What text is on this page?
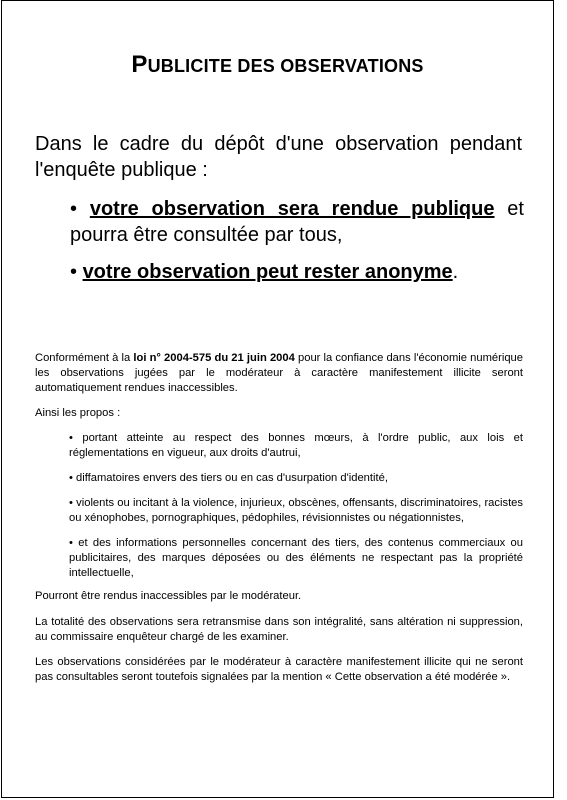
PUBLICITE DES OBSERVATIONS

Dans le cadre du dépôt d'une observation pendant l'enquête publique :

• votre observation sera rendue publique et pourra être consultée par tous,

• votre observation peut rester anonyme.

Conformément à la loi n° 2004-575 du 21 juin 2004 pour la confiance dans l'économie numérique les observations jugées par le modérateur à caractère manifestement illicite seront automatiquement rendues inaccessibles.

Ainsi les propos :

• portant atteinte au respect des bonnes mœurs, à l'ordre public, aux lois et réglementations en vigueur, aux droits d'autrui,

• diffamatoires envers des tiers ou en cas d'usurpation d'identité,

• violents ou incitant à la violence, injurieux, obscènes, offensants, discriminatoires, racistes ou xénophobes, pornographiques, pédophiles, révisionnistes ou négationnistes,

• et des informations personnelles concernant des tiers, des contenus commerciaux ou publicitaires, des marques déposées ou des éléments ne respectant pas la propriété intellectuelle,

Pourront être rendus inaccessibles par le modérateur.

La totalité des observations sera retransmise dans son intégralité, sans altération ni suppression, au commissaire enquêteur chargé de les examiner.

Les observations considérées par le modérateur à caractère manifestement illicite qui ne seront pas consultables seront toutefois signalées par la mention « Cette observation a été modérée ».
